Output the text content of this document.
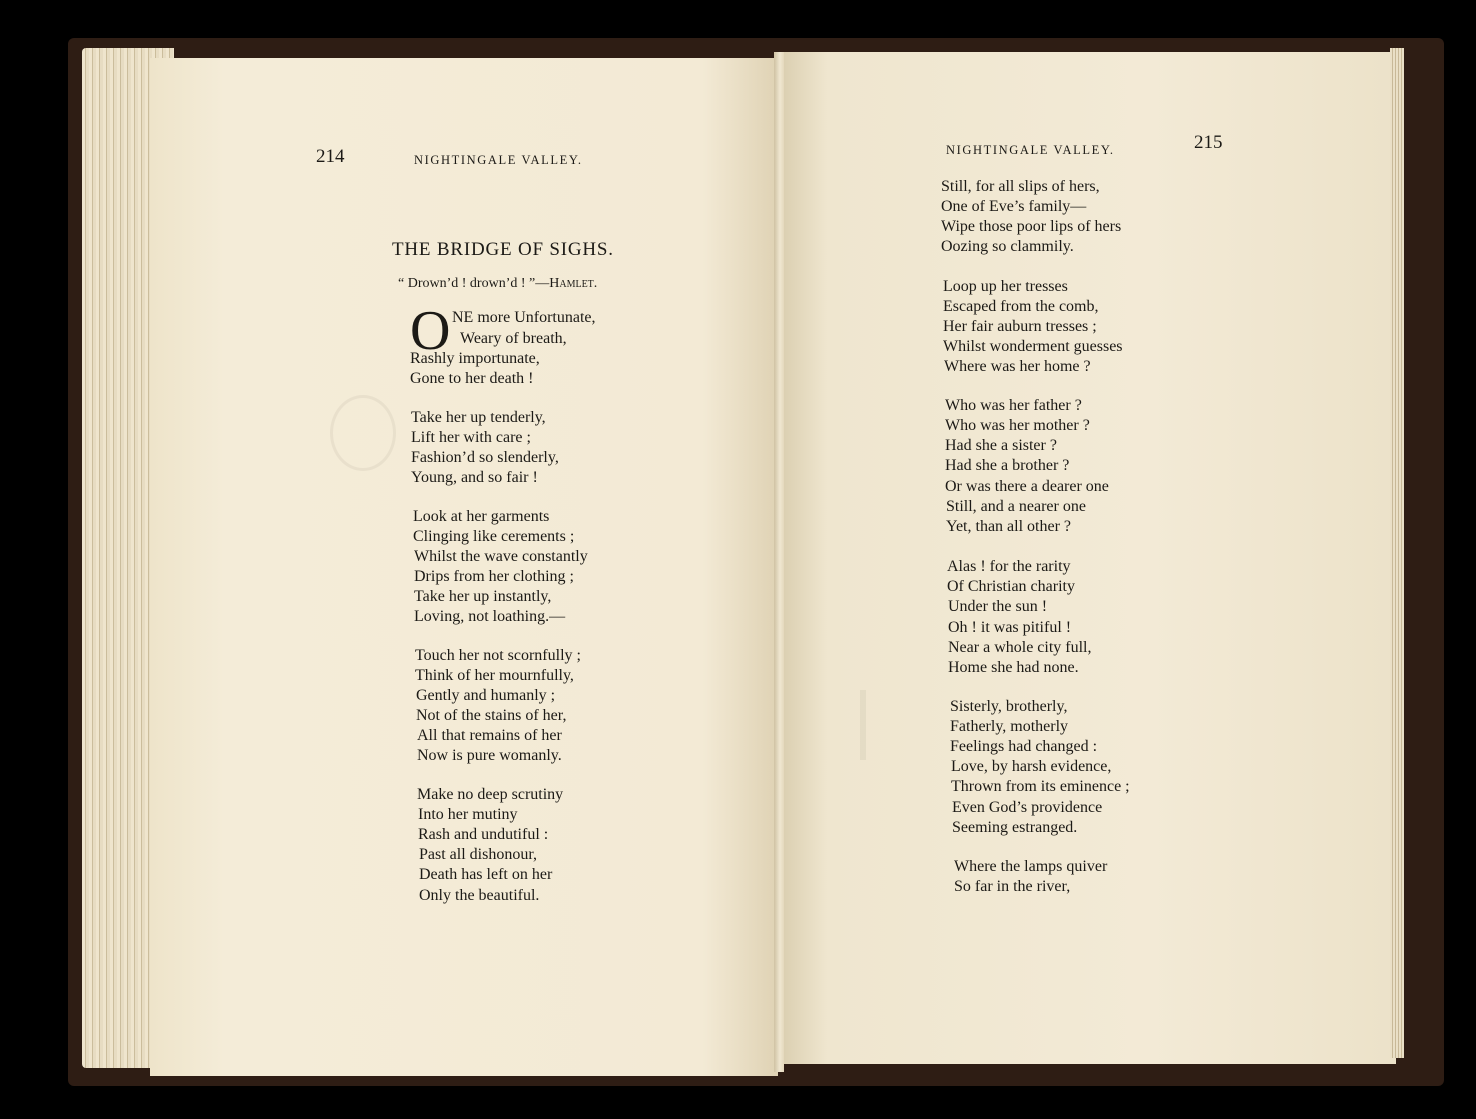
214	NIGHTINGALE VALLEY.
THE BRIDGE OF SIGHS.
“ Drown’d ! drown’d ! ”—Hamlet.
O NE more Unfortunate,
Weary of breath,
Rashly importunate,
Gone to her death !
Take her up tenderly,
Lift her with care ;
Fashion’d so slenderly,
Young, and so fair !
Look at her garments
Clinging like cerements ;
Whilst the wave constantly
Drips from her clothing ;
Take her up instantly,
Loving, not loathing.—
Touch her not scornfully ;
Think of her mournfully,
Gently and humanly ;
Not of the stains of her,
All that remains of her
Now is pure womanly.
Make no deep scrutiny
Into her mutiny
Rash and undutiful :
Past all dishonour,
Death has left on her
Only the beautiful.
NIGHTINGALE VALLEY.	215
Still, for all slips of hers,
One of Eve’s family—
Wipe those poor lips of hers
Oozing so clammily.
Loop up her tresses
Escaped from the comb,
Her fair auburn tresses ;
Whilst wonderment guesses
Where was her home ?
Who was her father ?
Who was her mother ?
Had she a sister ?
Had she a brother ?
Or was there a dearer one
Still, and a nearer one
Yet, than all other ?
Alas ! for the rarity
Of Christian charity
Under the sun !
Oh ! it was pitiful !
Near a whole city full,
Home she had none.
Sisterly, brotherly,
Fatherly, motherly
Feelings had changed :
Love, by harsh evidence,
Thrown from its eminence ;
Even God’s providence
Seeming estranged.
Where the lamps quiver
So far in the river,
